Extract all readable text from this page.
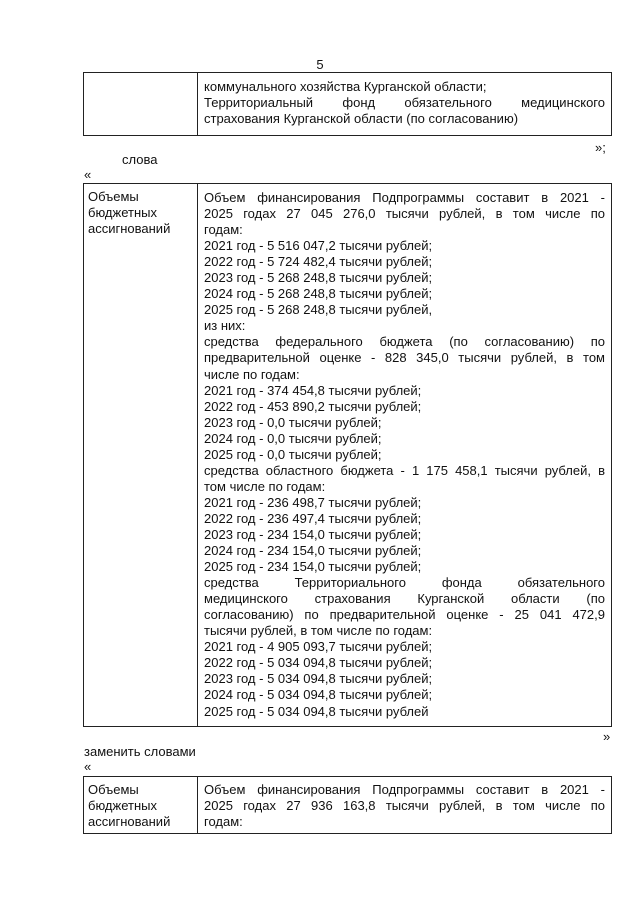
5
коммунального хозяйства Курганской области;
Территориальный фонд обязательного медицинского
страхования Курганской области (по согласованию)
»;
слова
«
Объемы
бюджетных
ассигнований
Объем финансирования Подпрограммы составит в 2021 -
2025 годах 27 045 276,0 тысячи рублей, в том числе по
годам:
2021 год - 5 516 047,2 тысячи рублей;
2022 год - 5 724 482,4 тысячи рублей;
2023 год - 5 268 248,8 тысячи рублей;
2024 год - 5 268 248,8 тысячи рублей;
2025 год - 5 268 248,8 тысячи рублей,
из них:
средства федерального бюджета (по согласованию) по
предварительной оценке - 828 345,0 тысячи рублей, в том
числе по годам:
2021 год - 374 454,8 тысячи рублей;
2022 год - 453 890,2 тысячи рублей;
2023 год - 0,0 тысячи рублей;
2024 год - 0,0 тысячи рублей;
2025 год - 0,0 тысячи рублей;
средства областного бюджета - 1 175 458,1 тысячи рублей, в
том числе по годам:
2021 год - 236 498,7 тысячи рублей;
2022 год - 236 497,4 тысячи рублей;
2023 год - 234 154,0 тысячи рублей;
2024 год - 234 154,0 тысячи рублей;
2025 год - 234 154,0 тысячи рублей;
средства Территориального фонда обязательного
медицинского страхования Курганской области (по
согласованию) по предварительной оценке - 25 041 472,9
тысячи рублей, в том числе по годам:
2021 год - 4 905 093,7 тысячи рублей;
2022 год - 5 034 094,8 тысячи рублей;
2023 год - 5 034 094,8 тысячи рублей;
2024 год - 5 034 094,8 тысячи рублей;
2025 год - 5 034 094,8 тысячи рублей
»
заменить словами
«
Объемы
бюджетных
ассигнований
Объем финансирования Подпрограммы составит в 2021 -
2025 годах 27 936 163,8 тысячи рублей, в том числе по
годам:
